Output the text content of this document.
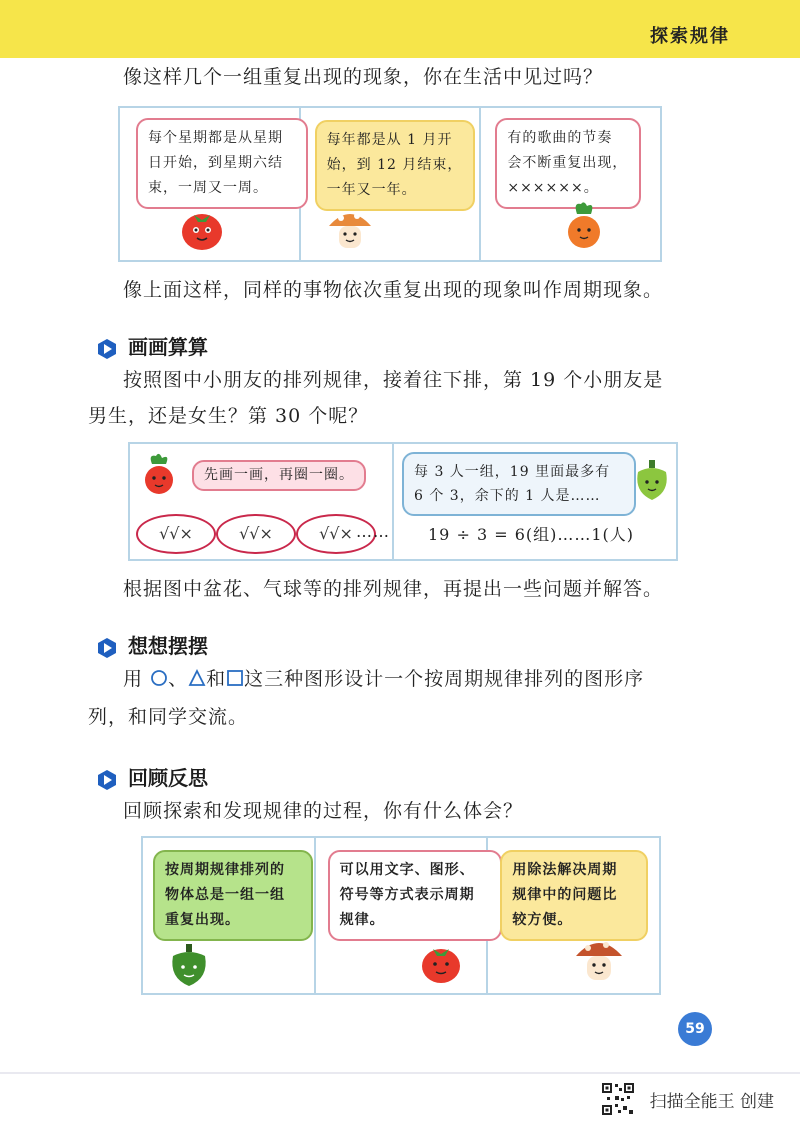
探索规律
像这样几个一组重复出现的现象，你在生活中见过吗？
每个星期都是从星期
日开始，到星期六结
束，一周又一周。
每年都是从 1 月开
始，到 12 月结束，
一年又一年。
有的歌曲的节奏
会不断重复出现，
××××××。
像上面这样，同样的事物依次重复出现的现象叫作周期现象。
画画算算
按照图中小朋友的排列规律，接着往下排，第 19 个小朋友是
男生，还是女生？第 30 个呢？
先画一画，再圈一圈。
√√×	√√×	√√× ……
每 3 人一组，19 里面最多有
6 个 3，余下的 1 人是……
19 ÷ 3 = 6(组)……1(人)
根据图中盆花、气球等的排列规律，再提出一些问题并解答。
想想摆摆
用 、 和 这三种图形设计一个按周期规律排列的图形序
列，和同学交流。
回顾反思
回顾探索和发现规律的过程，你有什么体会？
按周期规律排列的
物体总是一组一组
重复出现。
可以用文字、图形、
符号等方式表示周期
规律。
用除法解决周期
规律中的问题比
较方便。
59
扫描全能王 创建
